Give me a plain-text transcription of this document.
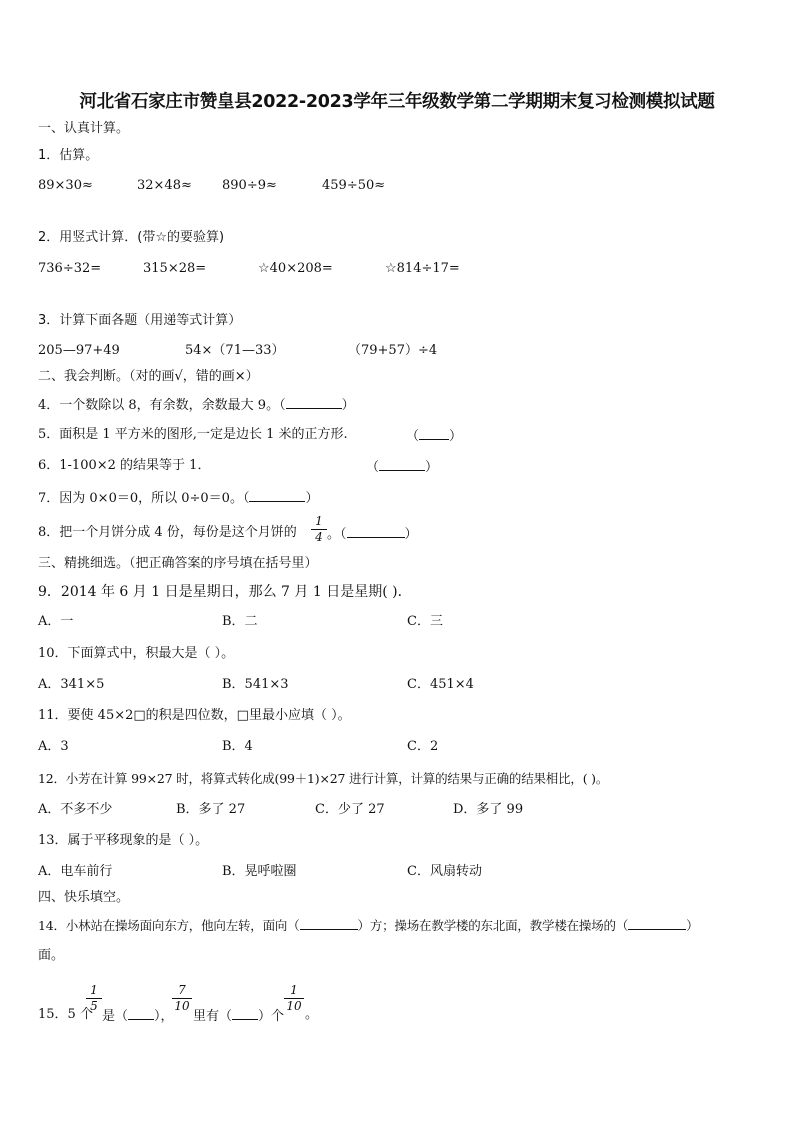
河北省石家庄市赞皇县2022-2023学年三年级数学第二学期期末复习检测模拟试题
一、认真计算。
1．估算。
89×30≈	32×48≈ 890÷9≈	459÷50≈
2．用竖式计算．(带☆的要验算)
736÷32=	315×28=	☆40×208=	☆814÷17=
3．计算下面各题（用递等式计算）
205—97+49	54×（71—33）	（79+57）÷4
二、我会判断。（对的画√，错的画×）
4．一个数除以 8，有余数，余数最大 9。（	）
5．面积是 1 平方米的图形,一定是边长 1 米的正方形.	（ ）
6．1-100×2 的结果等于 1．	（	）
7．因为 0×0＝0，所以 0÷0＝0。（	）
8．把一个月饼分成 4 份，每份是这个月饼的
1
4 。（	）
三、精挑细选。（把正确答案的序号填在括号里）
9．2014 年 6 月 1 日是星期日，那么 7 月 1 日是星期( )．
A．一	B．二	C．三
10．下面算式中，积最大是（ ）。
A．341×5	B．541×3	C．451×4
11．要使 45×2□的积是四位数，□里最小应填（ ）。
A．3	B．4	C．2
12．小芳在计算 99×27 时，将算式转化成(99＋1)×27 进行计算，计算的结果与正确的结果相比，( )。
A．不多不少	B．多了 27	C．少了 27	D．多了 99
13．属于平移现象的是（ ）。
A．电车前行	B．晃呼啦圈	C．风扇转动
四、快乐填空。
14．小林站在操场面向东方，他向左转，面向（	）方；操场在教学楼的东北面，教学楼在操场的（	）
面。
15．5 个
1
5
是（ ），
7
10
里有（ ）个
1
10
。
